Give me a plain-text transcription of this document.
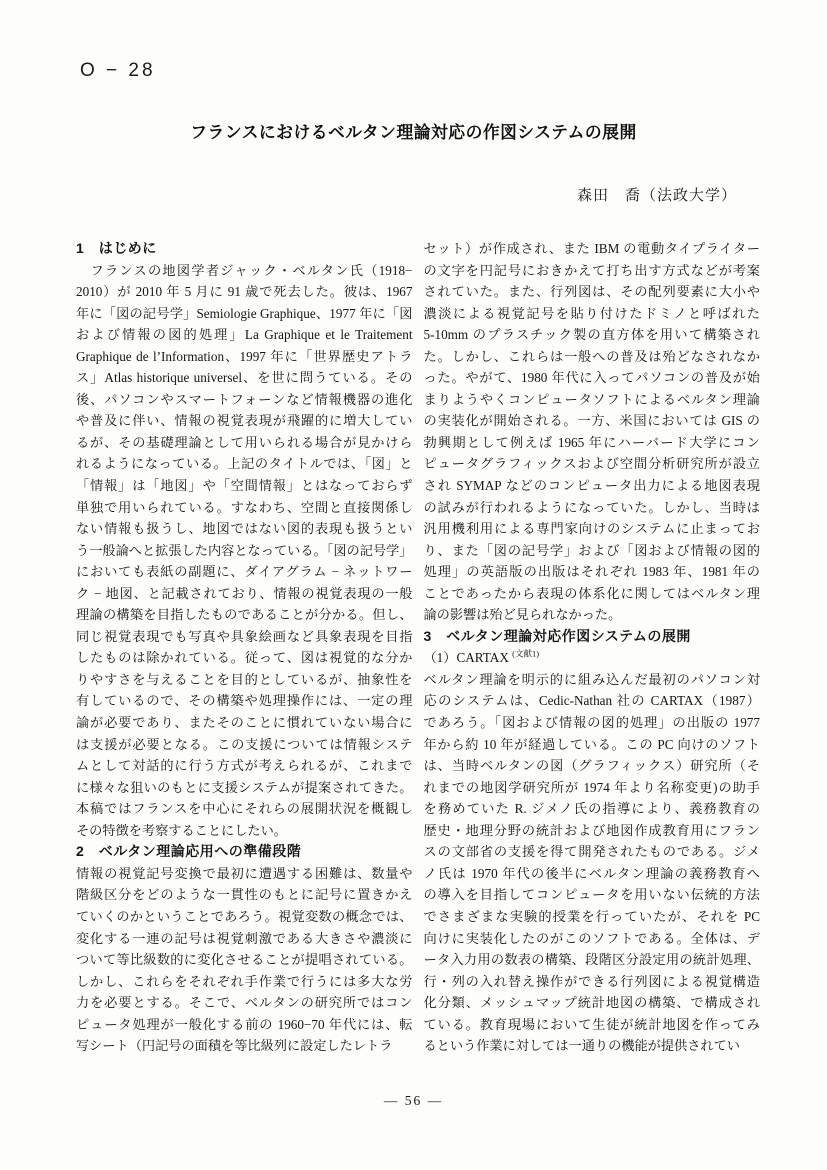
O − 28
フランスにおけるベルタン理論対応の作図システムの展開
森田　喬（法政大学）
1　はじめに
　フランスの地図学者ジャック・ベルタン氏（1918−
2010）が 2010 年 5 月に 91 歳で死去した。彼は、1967
年に「図の記号学」Semiologie Graphique、1977 年に「図
および情報の図的処理」La Graphique et le Traitement
Graphique de l’Information、1997 年に「世界歴史アトラ
ス」Atlas historique universel、を世に問うている。その
後、パソコンやスマートフォーンなど情報機器の進化
や普及に伴い、情報の視覚表現が飛躍的に増大してい
るが、その基礎理論として用いられる場合が見かけら
れるようになっている。上記のタイトルでは、「図」と
「情報」は「地図」や「空間情報」とはなっておらず
単独で用いられている。すなわち、空間と直接関係し
ない情報も扱うし、地図ではない図的表現も扱うとい
う一般論へと拡張した内容となっている。「図の記号学」
においても表紙の副題に、ダイアグラム − ネットワー
ク − 地図、と記載されており、情報の視覚表現の一般
理論の構築を目指したものであることが分かる。但し、
同じ視覚表現でも写真や具象絵画など具象表現を目指
したものは除かれている。従って、図は視覚的な分か
りやすさを与えることを目的としているが、抽象性を
有しているので、その構築や処理操作には、一定の理
論が必要であり、またそのことに慣れていない場合に
は支援が必要となる。この支援については情報システ
ムとして対話的に行う方式が考えられるが、これまで
に様々な狙いのもとに支援システムが提案されてきた。
本稿ではフランスを中心にそれらの展開状況を概観し
その特徴を考察することにしたい。
2　ベルタン理論応用への準備段階
情報の視覚記号変換で最初に遭遇する困難は、数量や
階級区分をどのような一貫性のもとに記号に置きかえ
ていくのかということであろう。視覚変数の概念では、
変化する一連の記号は視覚刺激である大きさや濃淡に
ついて等比級数的に変化させることが提唱されている。
しかし、これらをそれぞれ手作業で行うには多大な労
力を必要とする。そこで、ベルタンの研究所ではコン
ピュータ処理が一般化する前の 1960−70 年代には、転
写シート（円記号の面積を等比級列に設定したレトラ
セット）が作成され、また IBM の電動タイプライター
の文字を円記号におきかえて打ち出す方式などが考案
されていた。また、行列図は、その配列要素に大小や
濃淡による視覚記号を貼り付けたドミノと呼ばれた
5-10mm のプラスチック製の直方体を用いて構築され
た。しかし、これらは一般への普及は殆どなされなか
った。やがて、1980 年代に入ってパソコンの普及が始
まりようやくコンピュータソフトによるベルタン理論
の実装化が開始される。一方、米国においては GIS の
勃興期として例えば 1965 年にハーバード大学にコン
ピュータグラフィックスおよび空間分析研究所が設立
され SYMAP などのコンピュータ出力による地図表現
の試みが行われるようになっていた。しかし、当時は
汎用機利用による専門家向けのシステムに止まってお
り、また「図の記号学」および「図および情報の図的
処理」の英語版の出版はそれぞれ 1983 年、1981 年の
ことであったから表現の体系化に関してはベルタン理
論の影響は殆ど見られなかった。
3　ベルタン理論対応作図システムの展開
（1）CARTAX $^{(文献1)}$
ベルタン理論を明示的に組み込んだ最初のパソコン対
応のシステムは、Cedic-Nathan 社の CARTAX（1987）
であろう。「図および情報の図的処理」の出版の 1977
年から約 10 年が経過している。この PC 向けのソフト
は、当時ベルタンの図（グラフィックス）研究所（そ
れまでの地図学研究所が 1974 年より名称変更)の助手
を務めていた R. ジメノ氏の指導により、義務教育の
歴史・地理分野の統計および地図作成教育用にフラン
スの文部省の支援を得て開発されたものである。ジメ
ノ氏は 1970 年代の後半にベルタン理論の義務教育へ
の導入を目指してコンピュータを用いない伝統的方法
でさまざまな実験的授業を行っていたが、それを PC
向けに実装化したのがこのソフトである。全体は、デ
ータ入力用の数表の構築、段階区分設定用の統計処理、
行・列の入れ替え操作ができる行列図による視覚構造
化分類、メッシュマップ統計地図の構築、で構成され
ている。教育現場において生徒が統計地図を作ってみ
るという作業に対しては一通りの機能が提供されてい
— 56 —
